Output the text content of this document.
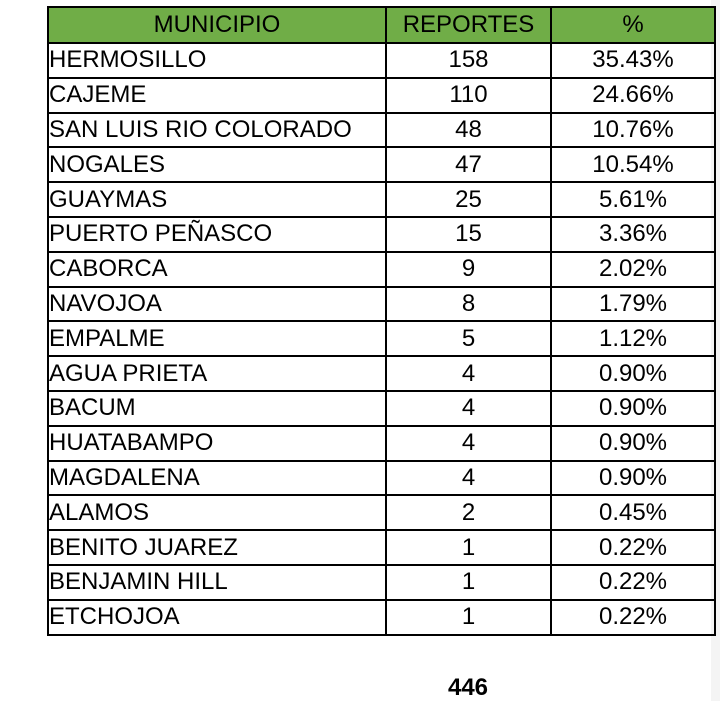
MUNICIPIO	REPORTES	%
HERMOSILLO	158	35.43%
CAJEME	110	24.66%
SAN LUIS RIO COLORADO	48	10.76%
NOGALES	47	10.54%
GUAYMAS	25	5.61%
PUERTO PEÑASCO	15	3.36%
CABORCA	9	2.02%
NAVOJOA	8	1.79%
EMPALME	5	1.12%
AGUA PRIETA	4	0.90%
BACUM	4	0.90%
HUATABAMPO	4	0.90%
MAGDALENA	4	0.90%
ALAMOS	2	0.45%
BENITO JUAREZ	1	0.22%
BENJAMIN HILL	1	0.22%
ETCHOJOA	1	0.22%
446
